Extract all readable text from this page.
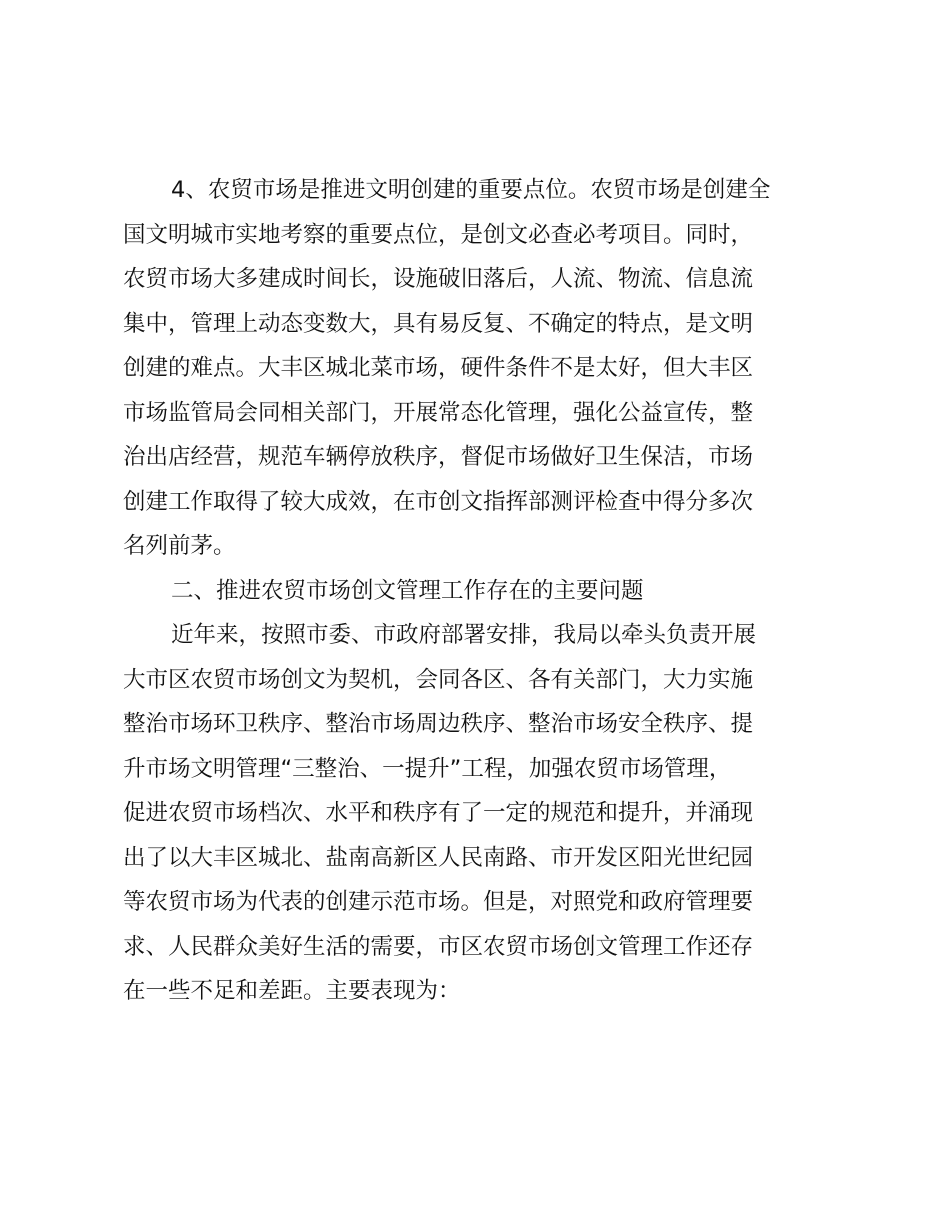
4、农贸市场是推进文明创建的重要点位。农贸市场是创建全
国文明城市实地考察的重要点位，是创文必查必考项目。同时，
农贸市场大多建成时间长，设施破旧落后，人流、物流、信息流
集中，管理上动态变数大，具有易反复、不确定的特点，是文明
创建的难点。大丰区城北菜市场，硬件条件不是太好，但大丰区
市场监管局会同相关部门，开展常态化管理，强化公益宣传，整
治出店经营，规范车辆停放秩序，督促市场做好卫生保洁，市场
创建工作取得了较大成效，在市创文指挥部测评检查中得分多次
名列前茅。
二、推进农贸市场创文管理工作存在的主要问题
近年来，按照市委、市政府部署安排，我局以牵头负责开展
大市区农贸市场创文为契机，会同各区、各有关部门，大力实施
整治市场环卫秩序、整治市场周边秩序、整治市场安全秩序、提
升市场文明管理“三整治、一提升”工程，加强农贸市场管理，
促进农贸市场档次、水平和秩序有了一定的规范和提升，并涌现
出了以大丰区城北、盐南高新区人民南路、市开发区阳光世纪园
等农贸市场为代表的创建示范市场。但是，对照党和政府管理要
求、人民群众美好生活的需要，市区农贸市场创文管理工作还存
在一些不足和差距。主要表现为：
